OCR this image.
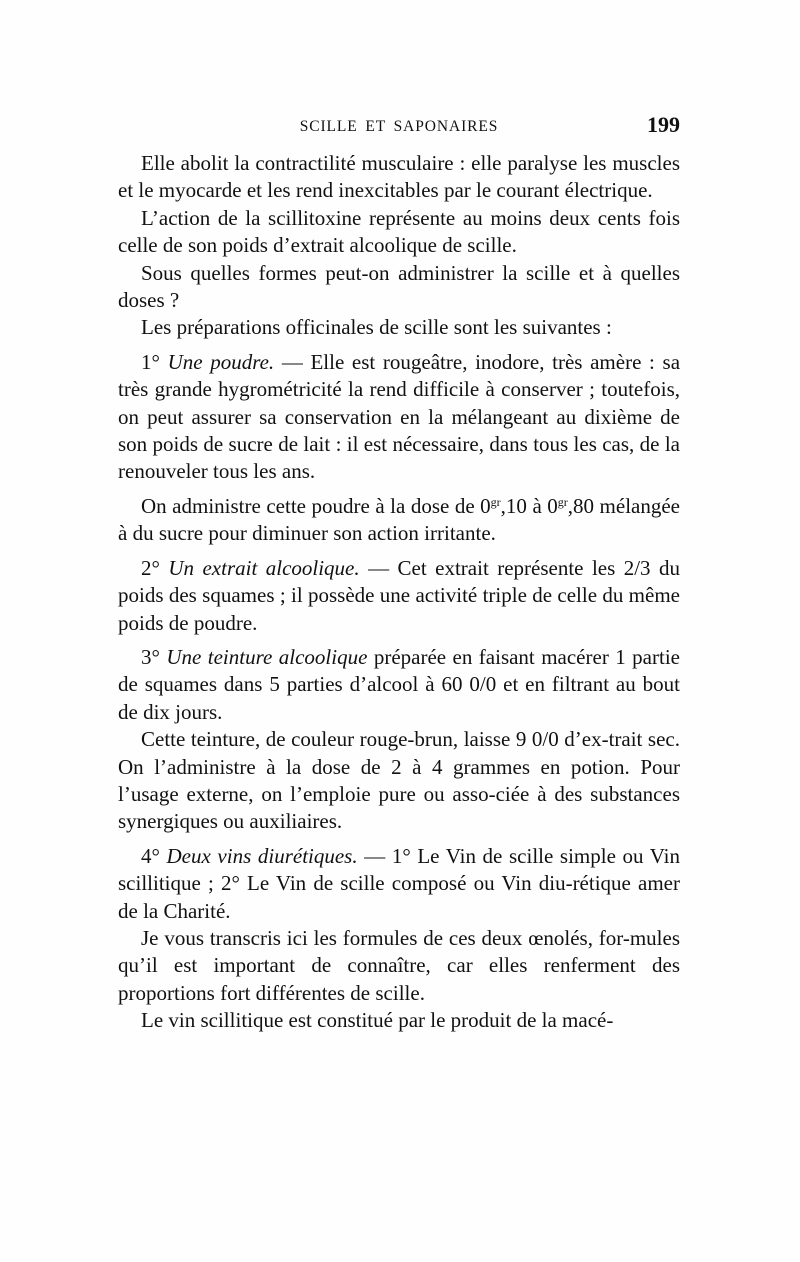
SCILLE ET SAPONAIRES	199

Elle abolit la contractilité musculaire : elle paralyse les muscles et le myocarde et les rend inexcitables par le courant électrique.

L’action de la scillitoxine représente au moins deux cents fois celle de son poids d’extrait alcoolique de scille.

Sous quelles formes peut-on administrer la scille et à quelles doses ?

Les préparations officinales de scille sont les suivantes :

1° Une poudre. — Elle est rougeâtre, inodore, très amère : sa très grande hygrométricité la rend difficile à conserver ; toutefois, on peut assurer sa conservation en la mélangeant au dixième de son poids de sucre de lait : il est nécessaire, dans tous les cas, de la renouveler tous les ans.

On administre cette poudre à la dose de $0^{gr},10$ à $0^{gr},80$ mélangée à du sucre pour diminuer son action irritante.

2° Un extrait alcoolique. — Cet extrait représente les 2/3 du poids des squames ; il possède une activité triple de celle du même poids de poudre.

3° Une teinture alcoolique préparée en faisant macérer 1 partie de squames dans 5 parties d’alcool à 60 0/0 et en filtrant au bout de dix jours.

Cette teinture, de couleur rouge-brun, laisse 9 0/0 d’ex-trait sec. On l’administre à la dose de 2 à 4 grammes en potion. Pour l’usage externe, on l’emploie pure ou asso-ciée à des substances synergiques ou auxiliaires.

4° Deux vins diurétiques. — 1° Le Vin de scille simple ou Vin scillitique ; 2° Le Vin de scille composé ou Vin diu-rétique amer de la Charité.

Je vous transcris ici les formules de ces deux œnolés, for-mules qu’il est important de connaître, car elles renferment des proportions fort différentes de scille.

Le vin scillitique est constitué par le produit de la macé-
